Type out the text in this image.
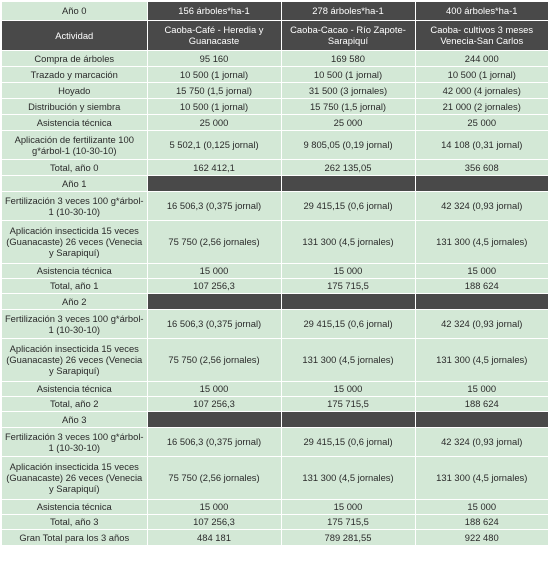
Año 0	156 árboles*ha-1	278 árboles*ha-1	400 árboles*ha-1
Actividad	Caoba-Café - Heredia y Guanacaste	Caoba-Cacao - Río Zapote-Sarapiquí	Caoba- cultivos 3 meses Venecia-San Carlos
Compra de árboles	95 160	169 580	244 000
Trazado y marcación	10 500 (1 jornal)	10 500 (1 jornal)	10 500 (1 jornal)
Hoyado	15 750 (1,5 jornal)	31 500 (3 jornales)	42 000 (4 jornales)
Distribución y siembra	10 500 (1 jornal)	15 750 (1,5 jornal)	21 000 (2 jornales)
Asistencia técnica	25 000	25 000	25 000
Aplicación de fertilizante 100 g*árbol-1 (10-30-10)	5 502,1 (0,125 jornal)	9 805,05 (0,19 jornal)	14 108 (0,31 jornal)
Total, año 0	162 412,1	262 135,05	356 608
Año 1			
Fertilización 3 veces 100 g*árbol-1 (10-30-10)	16 506,3 (0,375 jornal)	29 415,15 (0,6 jornal)	42 324 (0,93 jornal)
Aplicación insecticida 15 veces (Guanacaste) 26 veces (Venecia y Sarapiquí)	75 750 (2,56 jornales)	131 300 (4,5 jornales)	131 300 (4,5 jornales)
Asistencia técnica	15 000	15 000	15 000
Total, año 1	107 256,3	175 715,5	188 624
Año 2			
Fertilización 3 veces 100 g*árbol-1 (10-30-10)	16 506,3 (0,375 jornal)	29 415,15 (0,6 jornal)	42 324 (0,93 jornal)
Aplicación insecticida 15 veces (Guanacaste) 26 veces (Venecia y Sarapiquí)	75 750 (2,56 jornales)	131 300 (4,5 jornales)	131 300 (4,5 jornales)
Asistencia técnica	15 000	15 000	15 000
Total, año 2	107 256,3	175 715,5	188 624
Año 3			
Fertilización 3 veces 100 g*árbol-1 (10-30-10)	16 506,3 (0,375 jornal)	29 415,15 (0,6 jornal)	42 324 (0,93 jornal)
Aplicación insecticida 15 veces (Guanacaste) 26 veces (Venecia y Sarapiquí)	75 750 (2,56 jornales)	131 300 (4,5 jornales)	131 300 (4,5 jornales)
Asistencia técnica	15 000	15 000	15 000
Total, año 3	107 256,3	175 715,5	188 624
Gran Total para los 3 años	484 181	789 281,55	922 480
